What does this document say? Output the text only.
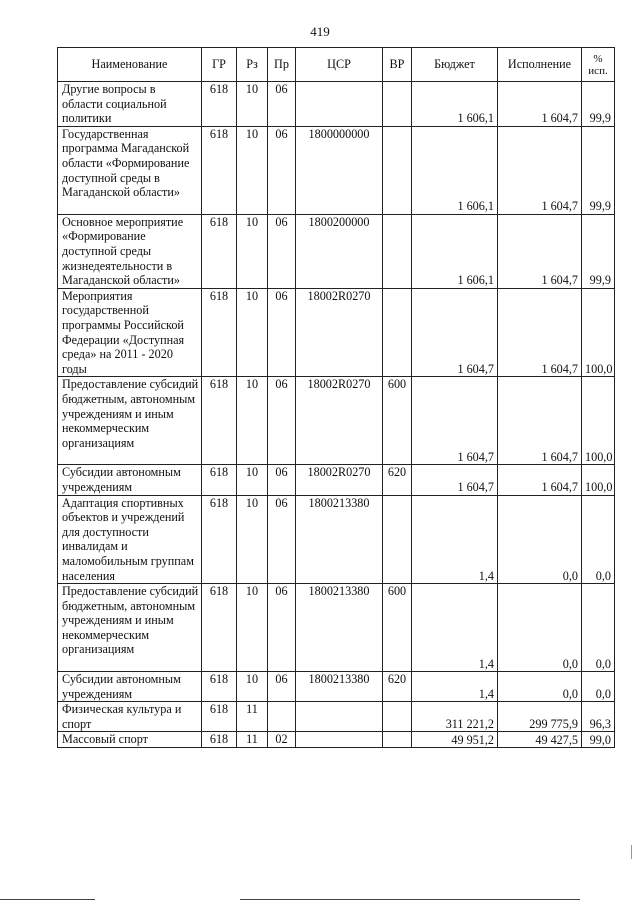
419
Наименование	ГР	Рз	Пр	ЦСР	ВР	Бюджет	Исполнение	%
исп.

Другие вопросы в области социальной политики	618	10	06			1 606,1	1 604,7	99,9
Государственная программа Магаданской области «Формирование доступной среды в Магаданской области»	618	10	06	1800000000		1 606,1	1 604,7	99,9
Основное мероприятие «Формирование доступной среды жизнедеятельности в Магаданской области»	618	10	06	1800200000		1 606,1	1 604,7	99,9
Мероприятия государственной программы Российской Федерации «Доступная среда» на 2011 - 2020 годы	618	10	06	18002R0270		1 604,7	1 604,7	100,0
Предоставление субсидий бюджетным, автономным учреждениям и иным некоммерческим организациям	618	10	06	18002R0270	600	1 604,7	1 604,7	100,0
Субсидии автономным учреждениям	618	10	06	18002R0270	620	1 604,7	1 604,7	100,0
Адаптация спортивных объектов и учреждений для доступности инвалидам и маломобильным группам населения	618	10	06	1800213380		1,4	0,0	0,0
Предоставление субсидий бюджетным, автономным учреждениям и иным некоммерческим организациям	618	10	06	1800213380	600	1,4	0,0	0,0
Субсидии автономным учреждениям	618	10	06	1800213380	620	1,4	0,0	0,0
Физическая культура и спорт	618	11				311 221,2	299 775,9	96,3
Массовый спорт	618	11	02			49 951,2	49 427,5	99,0
